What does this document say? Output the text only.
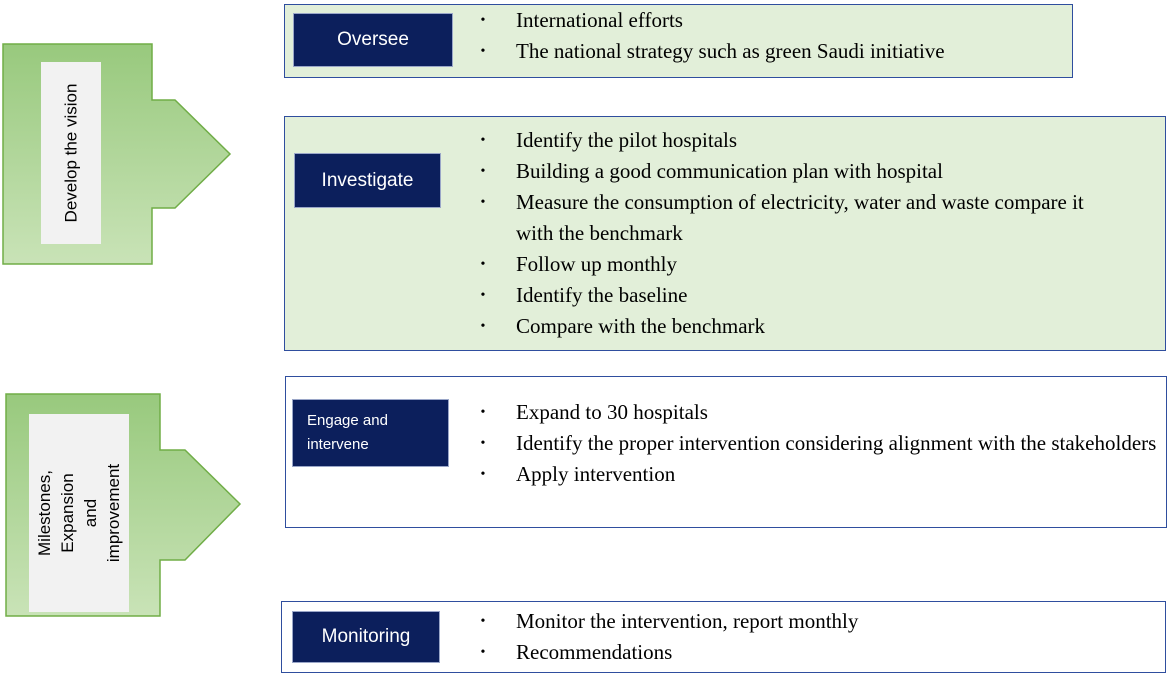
Develop the vision
Milestones, Expansion
and improvement
Oversee
• International efforts
• The national strategy such as green Saudi initiative
Investigate
• Identify the pilot hospitals
• Building a good communication plan with hospital
• Measure the consumption of electricity, water and waste compare it with the benchmark
• Follow up monthly
• Identify the baseline
• Compare with the benchmark
Engage and
intervene
• Expand to 30 hospitals
• Identify the proper intervention considering alignment with the stakeholders
• Apply intervention
Monitoring
• Monitor the intervention, report monthly
• Recommendations
